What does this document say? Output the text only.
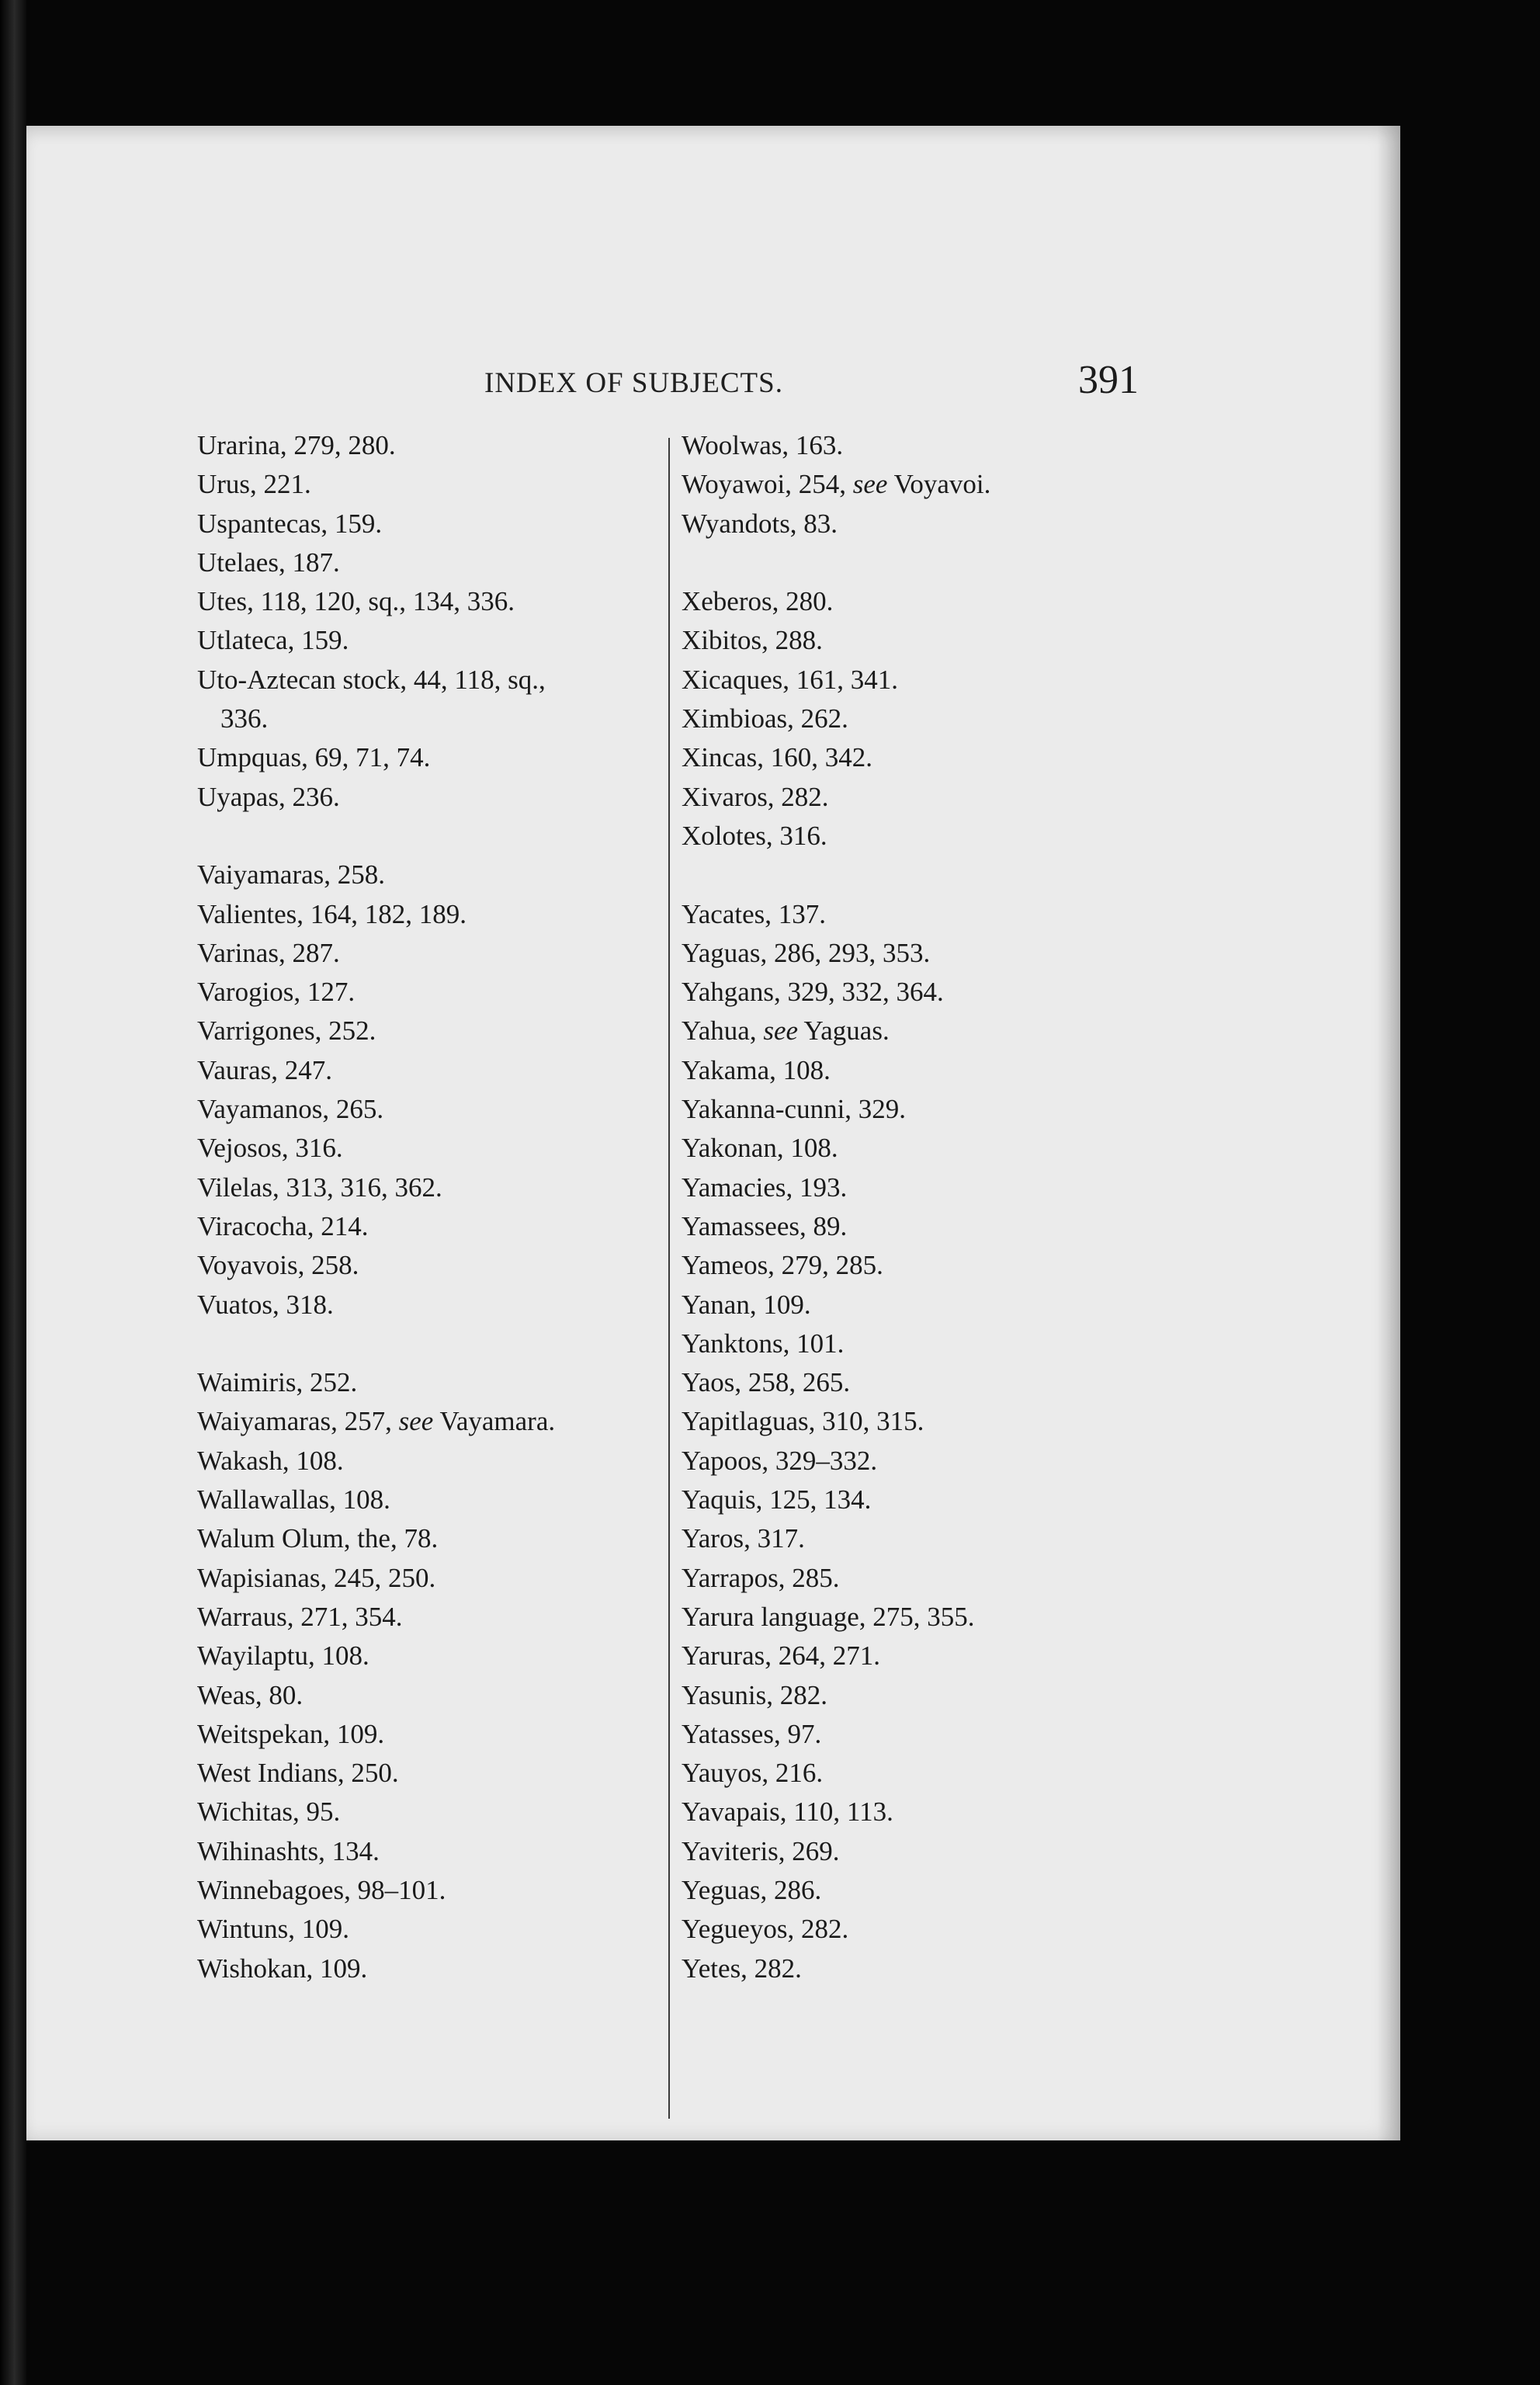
INDEX OF SUBJECTS.	391
Urarina, 279, 280.
Urus, 221.
Uspantecas, 159.
Utelaes, 187.
Utes, 118, 120, sq., 134, 336.
Utlateca, 159.
Uto-Aztecan stock, 44, 118, sq.,
336.
Umpquas, 69, 71, 74.
Uyapas, 236.
Vaiyamaras, 258.
Valientes, 164, 182, 189.
Varinas, 287.
Varogios, 127.
Varrigones, 252.
Vauras, 247.
Vayamanos, 265.
Vejosos, 316.
Vilelas, 313, 316, 362.
Viracocha, 214.
Voyavois, 258.
Vuatos, 318.
Waimiris, 252.
Waiyamaras, 257, see Vayamara.
Wakash, 108.
Wallawallas, 108.
Walum Olum, the, 78.
Wapisianas, 245, 250.
Warraus, 271, 354.
Wayilaptu, 108.
Weas, 80.
Weitspekan, 109.
West Indians, 250.
Wichitas, 95.
Wihinashts, 134.
Winnebagoes, 98–101.
Wintuns, 109.
Wishokan, 109.
Woolwas, 163.
Woyawoi, 254, see Voyavoi.
Wyandots, 83.
Xeberos, 280.
Xibitos, 288.
Xicaques, 161, 341.
Ximbioas, 262.
Xincas, 160, 342.
Xivaros, 282.
Xolotes, 316.
Yacates, 137.
Yaguas, 286, 293, 353.
Yahgans, 329, 332, 364.
Yahua, see Yaguas.
Yakama, 108.
Yakanna-cunni, 329.
Yakonan, 108.
Yamacies, 193.
Yamassees, 89.
Yameos, 279, 285.
Yanan, 109.
Yanktons, 101.
Yaos, 258, 265.
Yapitlaguas, 310, 315.
Yapoos, 329–332.
Yaquis, 125, 134.
Yaros, 317.
Yarrapos, 285.
Yarura language, 275, 355.
Yaruras, 264, 271.
Yasunis, 282.
Yatasses, 97.
Yauyos, 216.
Yavapais, 110, 113.
Yaviteris, 269.
Yeguas, 286.
Yegueyos, 282.
Yetes, 282.
